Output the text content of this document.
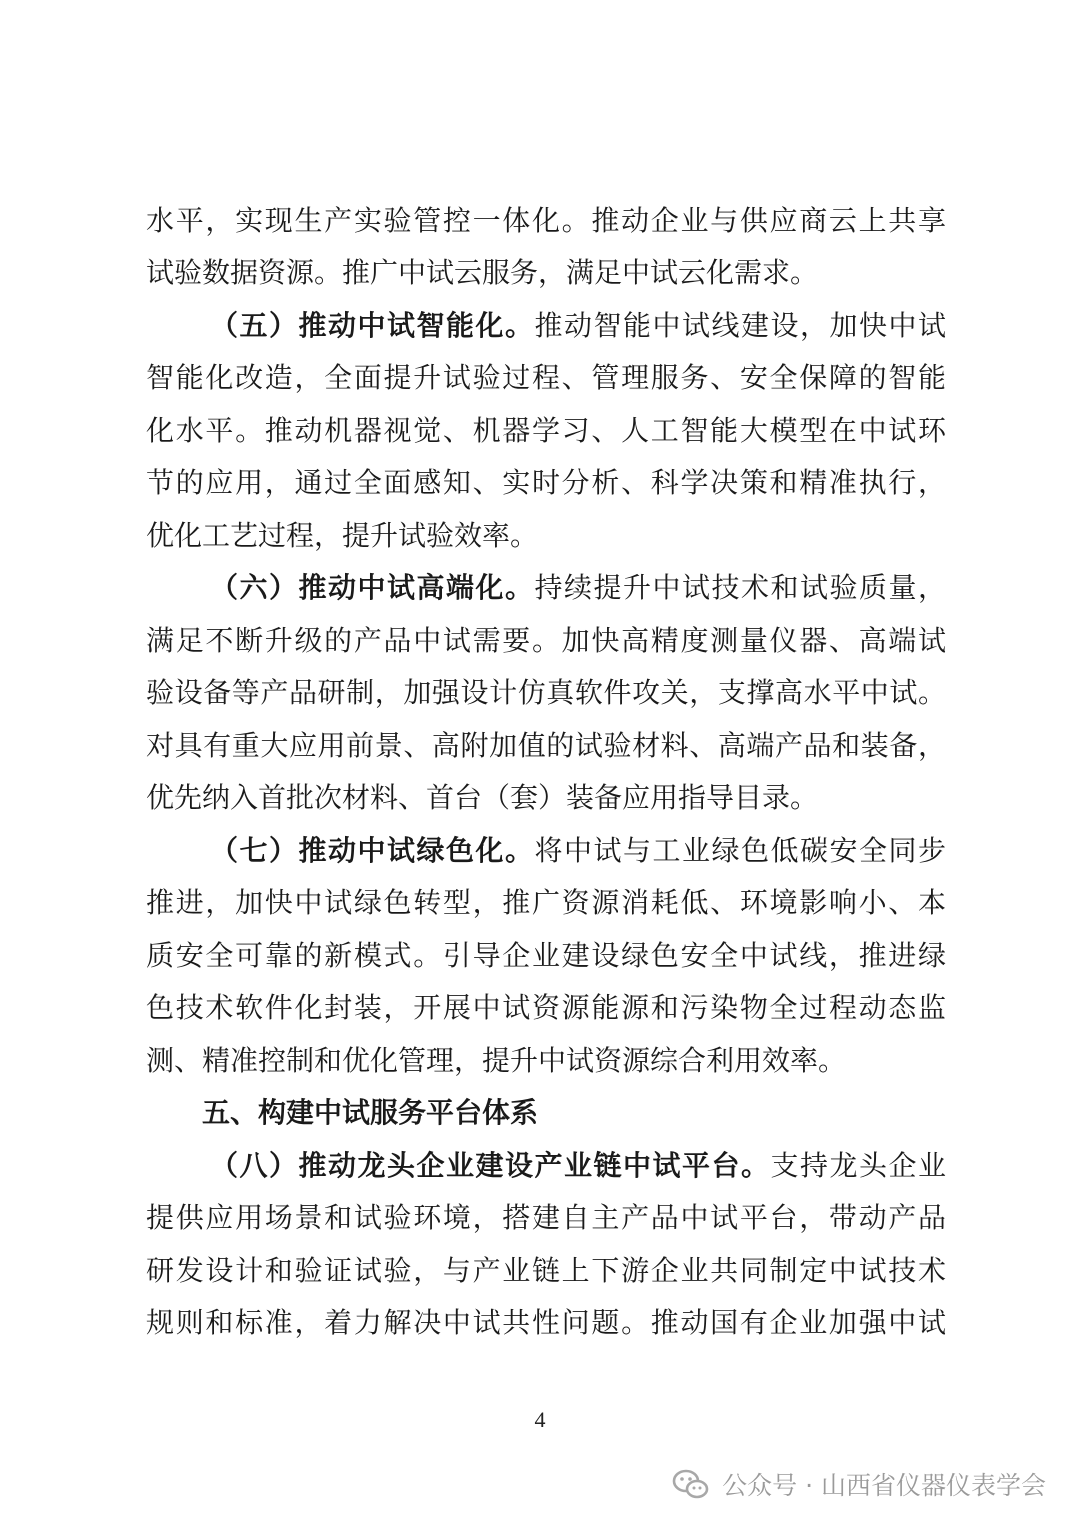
水平，实现生产实验管控一体化。推动企业与供应商云上共享
试验数据资源。推广中试云服务，满足中试云化需求。
（五）推动中试智能化。推动智能中试线建设，加快中试
智能化改造，全面提升试验过程、管理服务、安全保障的智能
化水平。推动机器视觉、机器学习、人工智能大模型在中试环
节的应用，通过全面感知、实时分析、科学决策和精准执行，
优化工艺过程，提升试验效率。
（六）推动中试高端化。持续提升中试技术和试验质量，
满足不断升级的产品中试需要。加快高精度测量仪器、高端试
验设备等产品研制，加强设计仿真软件攻关，支撑高水平中试。
对具有重大应用前景、高附加值的试验材料、高端产品和装备，
优先纳入首批次材料、首台（套）装备应用指导目录。
（七）推动中试绿色化。将中试与工业绿色低碳安全同步
推进，加快中试绿色转型，推广资源消耗低、环境影响小、本
质安全可靠的新模式。引导企业建设绿色安全中试线，推进绿
色技术软件化封装，开展中试资源能源和污染物全过程动态监
测、精准控制和优化管理，提升中试资源综合利用效率。
五、构建中试服务平台体系
（八）推动龙头企业建设产业链中试平台。支持龙头企业
提供应用场景和试验环境，搭建自主产品中试平台，带动产品
研发设计和验证试验，与产业链上下游企业共同制定中试技术
规则和标准，着力解决中试共性问题。推动国有企业加强中试
4
公众号 · 山西省仪器仪表学会
